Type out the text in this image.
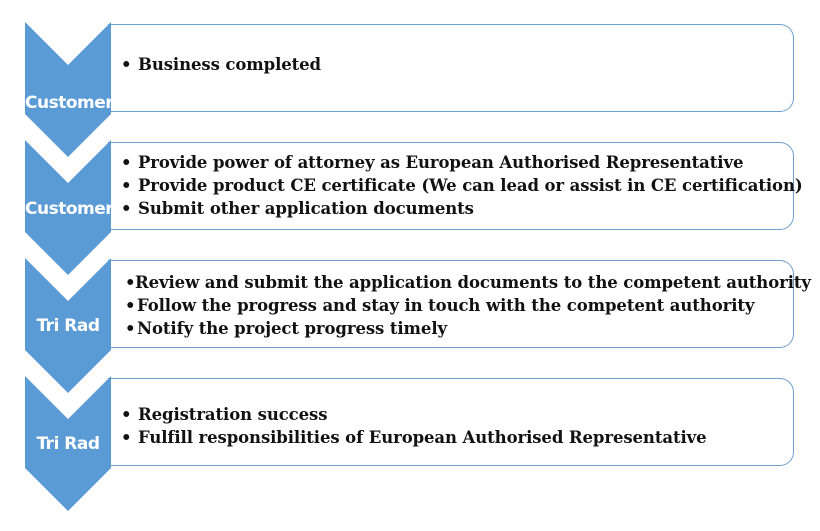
• Business completed
Customer
• Provide power of attorney as European Authorised Representative
• Provide product CE certificate (We can lead or assist in CE certification)
• Submit other application documents
Customer
•Review and submit the application documents to the competent authority
•Follow the progress and stay in touch with the competent authority
•Notify the project progress timely
Tri Rad
• Registration success
• Fulfill responsibilities of European Authorised Representative
Tri Rad
